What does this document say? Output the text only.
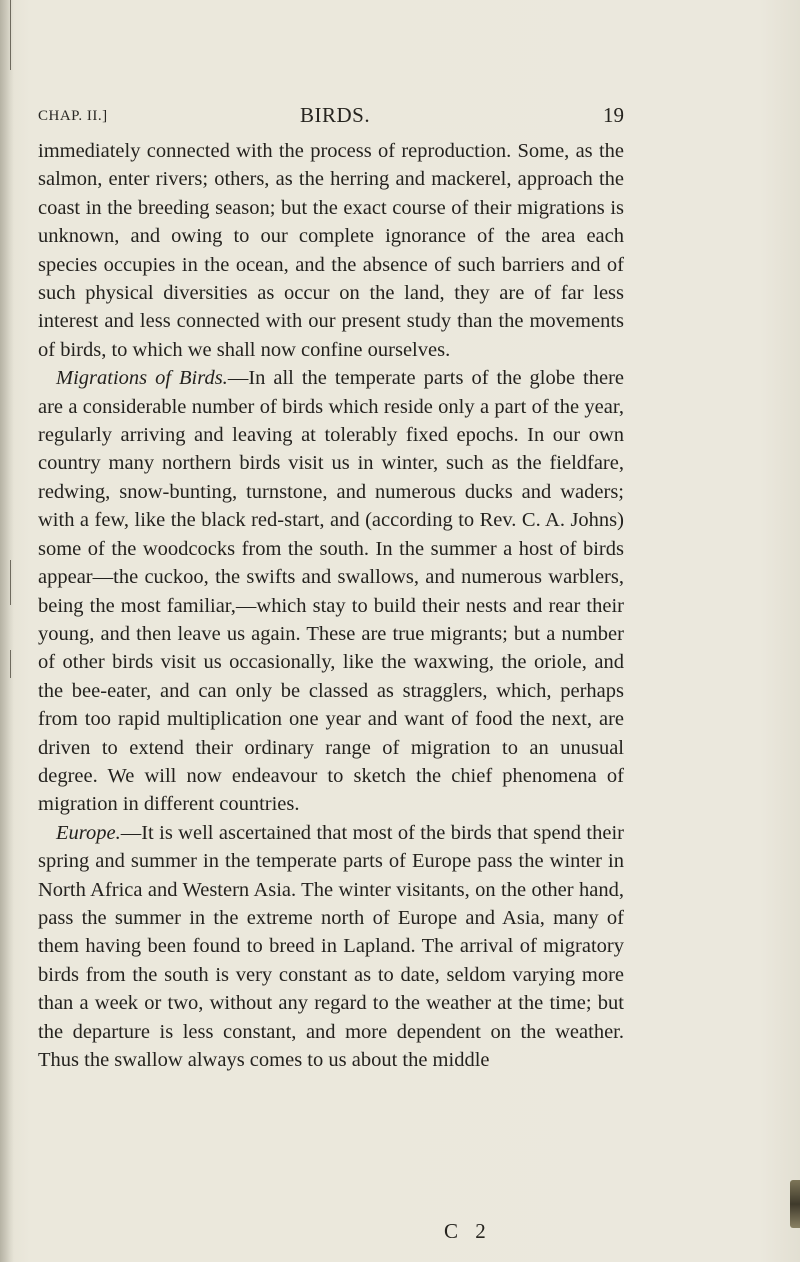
CHAP. II.]	BIRDS.	19

immediately connected with the process of reproduction. Some, as the salmon, enter rivers; others, as the herring and mackerel, approach the coast in the breeding season; but the exact course of their migrations is unknown, and owing to our complete ignorance of the area each species occupies in the ocean, and the absence of such barriers and of such physical diversities as occur on the land, they are of far less interest and less connected with our present study than the movements of birds, to which we shall now confine ourselves.

Migrations of Birds.—In all the temperate parts of the globe there are a considerable number of birds which reside only a part of the year, regularly arriving and leaving at tolerably fixed epochs. In our own country many northern birds visit us in winter, such as the fieldfare, redwing, snow-bunting, turnstone, and numerous ducks and waders; with a few, like the black red-start, and (according to Rev. C. A. Johns) some of the woodcocks from the south. In the summer a host of birds appear—the cuckoo, the swifts and swallows, and numerous warblers, being the most familiar,—which stay to build their nests and rear their young, and then leave us again. These are true migrants; but a number of other birds visit us occasionally, like the waxwing, the oriole, and the bee-eater, and can only be classed as stragglers, which, perhaps from too rapid multiplication one year and want of food the next, are driven to extend their ordinary range of migration to an unusual degree. We will now endeavour to sketch the chief phenomena of migration in different countries.

Europe.—It is well ascertained that most of the birds that spend their spring and summer in the temperate parts of Europe pass the winter in North Africa and Western Asia. The winter visitants, on the other hand, pass the summer in the extreme north of Europe and Asia, many of them having been found to breed in Lapland. The arrival of migratory birds from the south is very constant as to date, seldom varying more than a week or two, without any regard to the weather at the time; but the departure is less constant, and more dependent on the weather. Thus the swallow always comes to us about the middle

C 2
